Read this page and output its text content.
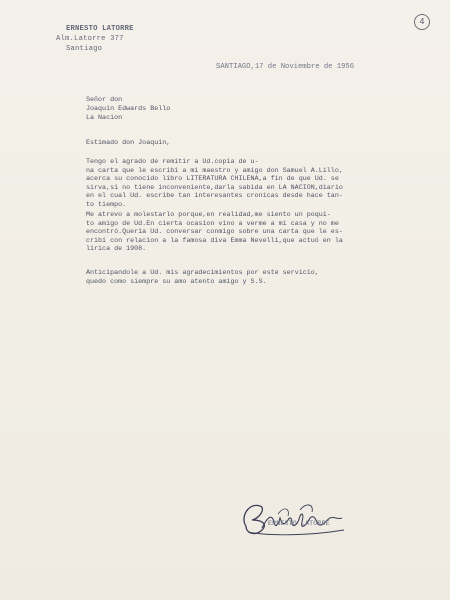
4
ERNESTO LATORRE
Alm.Latorre 377
Santiago
SANTIAGO,17 de Noviembre de 1956
Señor don
Joaquin Edwards Bello
La Nacion
Estimado don Joaquin,
Tengo el agrado de remitir a Ud.copia de u-
na carta que le escribí a mi maestro y amigo don Samuel A.Lillo,
acerca su conocido libro LITERATURA CHILENA,a fin de que Ud. se
sirva,si no tiene inconveniente,darla sabida en LA NACION,diario
en el cual Ud. escribe tan interesantes cronicas desde hace tan-
to tiempo.
Me atrevo a molestarlo porque,en realidad,me siento un poqui-
to amigo de Ud.En cierta ocasion vino a verme a mi casa y no me
encontró.Quería Ud. conversar conmigo sobre una carta que le es-
cribí con relacion a la famosa diva Emma Nevelli,que actuó en la
lírica de 1908.
Anticipandole a Ud. mis agradecimientos por este servicio,
quedo como siempre su amo atento amigo y S.S.
ERNESTO LATORRE
